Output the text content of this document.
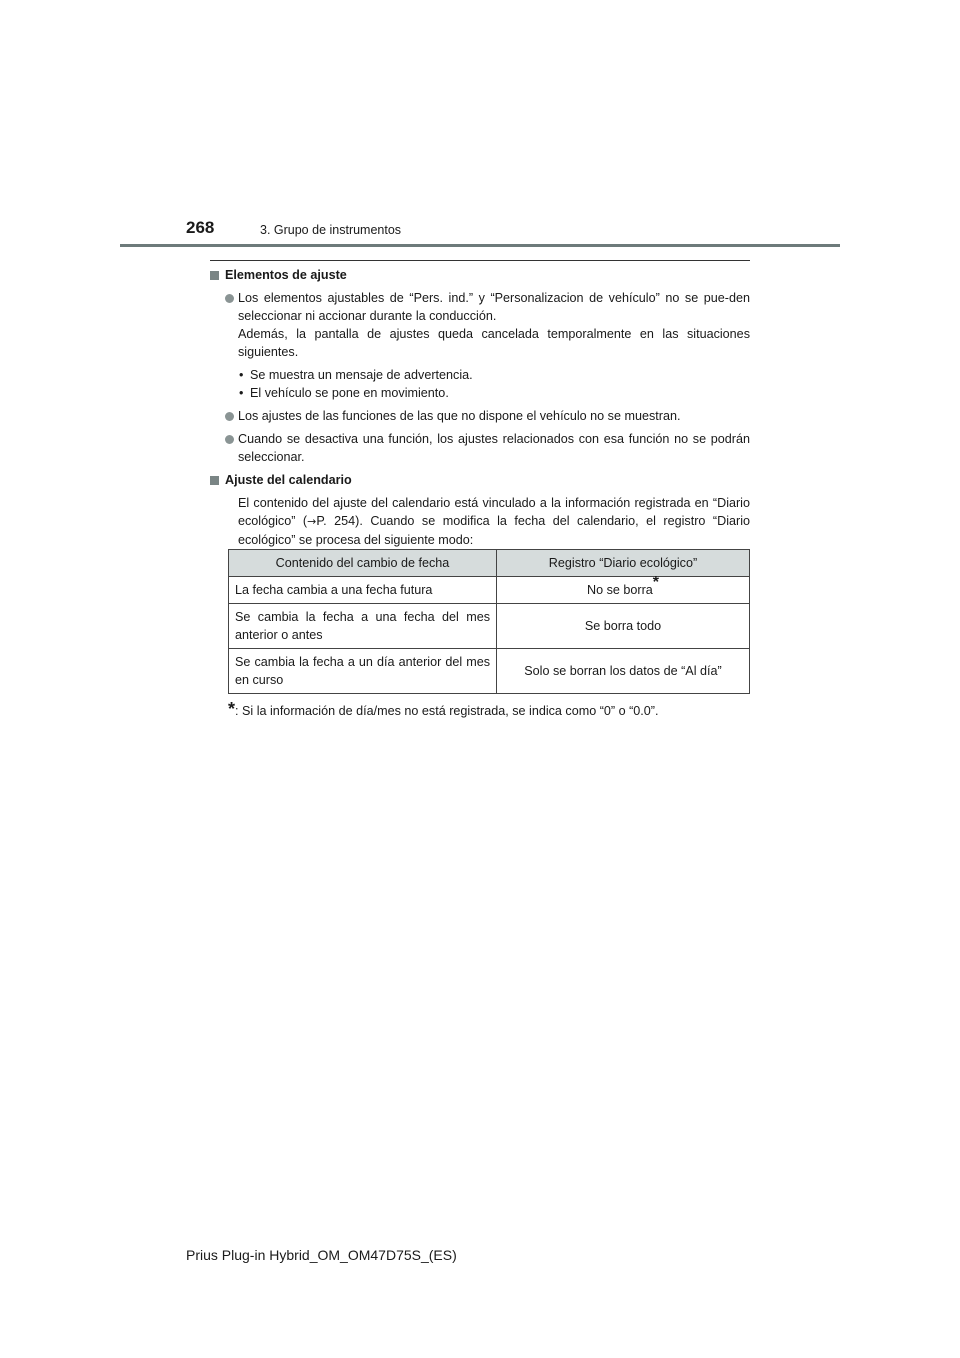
268	3. Grupo de instrumentos
Elementos de ajuste
Los elementos ajustables de “Pers. ind.” y “Personalizacion de vehículo” no se pue-den seleccionar ni accionar durante la conducción.
Además, la pantalla de ajustes queda cancelada temporalmente en las situaciones siguientes.
• Se muestra un mensaje de advertencia.
• El vehículo se pone en movimiento.
Los ajustes de las funciones de las que no dispone el vehículo no se muestran.
Cuando se desactiva una función, los ajustes relacionados con esa función no se podrán seleccionar.
Ajuste del calendario

El contenido del ajuste del calendario está vinculado a la información registrada en “Diario ecológico” (→P. 254). Cuando se modifica la fecha del calendario, el registro “Diario ecológico” se procesa del siguiente modo:

Contenido del cambio de fecha	Registro “Diario ecológico”
La fecha cambia a una fecha futura	No se borra*
Se cambia la fecha a una fecha del mes anterior o antes	Se borra todo
Se cambia la fecha a un día anterior del mes en curso	Solo se borran los datos de “Al día”
*: Si la información de día/mes no está registrada, se indica como “0” o “0.0”.
Prius Plug-in Hybrid_OM_OM47D75S_(ES)
